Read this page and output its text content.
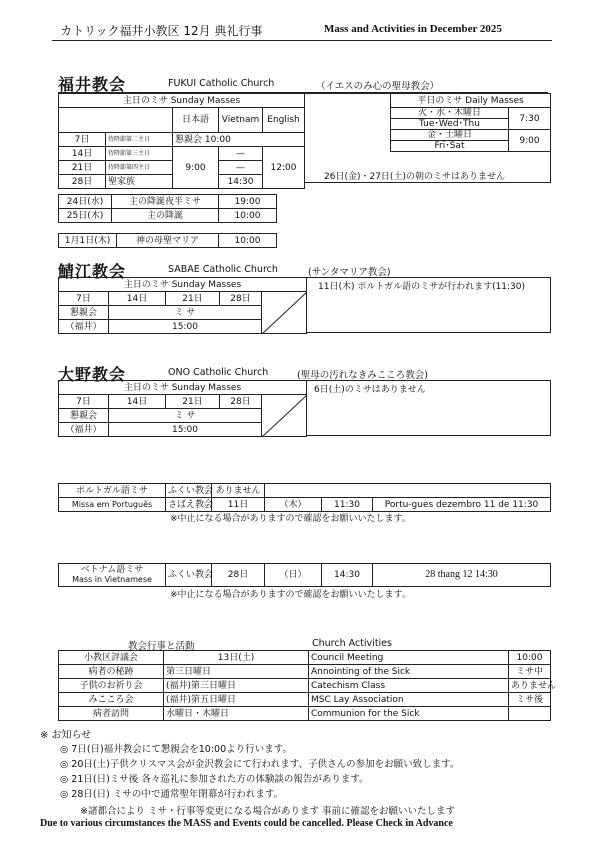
カトリック福井小教区 12月 典礼行事	Mass and Activities in December 2025
福井教会	FUKUI Catholic Church	（イエスのみ心の聖母教会）
主日のミサ Sunday Masses				
		日本語	Vietnam	English
7日	待降節第二主日	懇親会 10:00		
14日	待降節第三主日	9:00	—	12:00
21日	待降節第四主日		—	
28日	聖家族		14:30	
平日のミサ Daily Masses	
火・水・木曜日	7:30
Tue･Wed･Thu	
金・土曜日	9:00
Fri･Sat	
26日(金)・27日(土)の朝のミサはありません
24日(水)	主の降誕夜半ミサ	19:00
25日(木)	主の降誕	10:00
1月1日(木)	神の母聖マリア	10:00
鯖江教会	SABAE Catholic Church	(サンタマリア教会)
主日のミサ Sunday Masses				
7日	14日	21日	28日	

懇親会	ミ サ			
（福井）	15:00			
11日(木) ポルトガル語のミサが行われます(11:30)
大野教会	ONO Catholic Church	(聖母の汚れなきみこころ教会)
主日のミサ Sunday Masses				
7日	14日	21日	28日	

懇親会	ミ サ			
（福井）	15:00			
6日(土)のミサはありません
ポルトガル語ミサ	ふくい教会	ありません			
Missa em Português	さばえ教会	11日	（木）	11:30	Portu-gues dezembro 11 de 11:30
※中止になる場合がありますので確認をお願いいたします。
ベトナム語ミサ
Mass in Vietnamese	ふくい教会	28日	（日）	14:30	28 thang 12 14:30
※中止になる場合がありますので確認をお願いいたします。
教会行事と活動	Church Activities
小教区評議会	13日(土)	Council Meeting	10:00
病者の秘跡	第三日曜日	Annointing of the Sick	ミサ中
子供のお祈り会	(福井)第三日曜日	Catechism Class	ありません
みこころ会	(福井)第五日曜日	MSC Lay Association	ミサ後
病者訪問	水曜日・木曜日	Communion for the Sick	
※ お知らせ
◎ 7日(日)福井教会にて懇親会を10:00より行います。
◎ 20日(土)子供クリスマス会が金沢教会にて行われます、子供さんの参加をお願い致します。
◎ 21日(日)ミサ後 各々巡礼に参加された方の体験談の報告があります。
◎ 28日(日) ミサの中で通常聖年閉幕が行われます。
※諸都合により ミサ・行事等変更になる場合があります 事前に確認をお願いいたします
Due to various circumstances the MASS and Events could be cancelled. Please Check in Advance
